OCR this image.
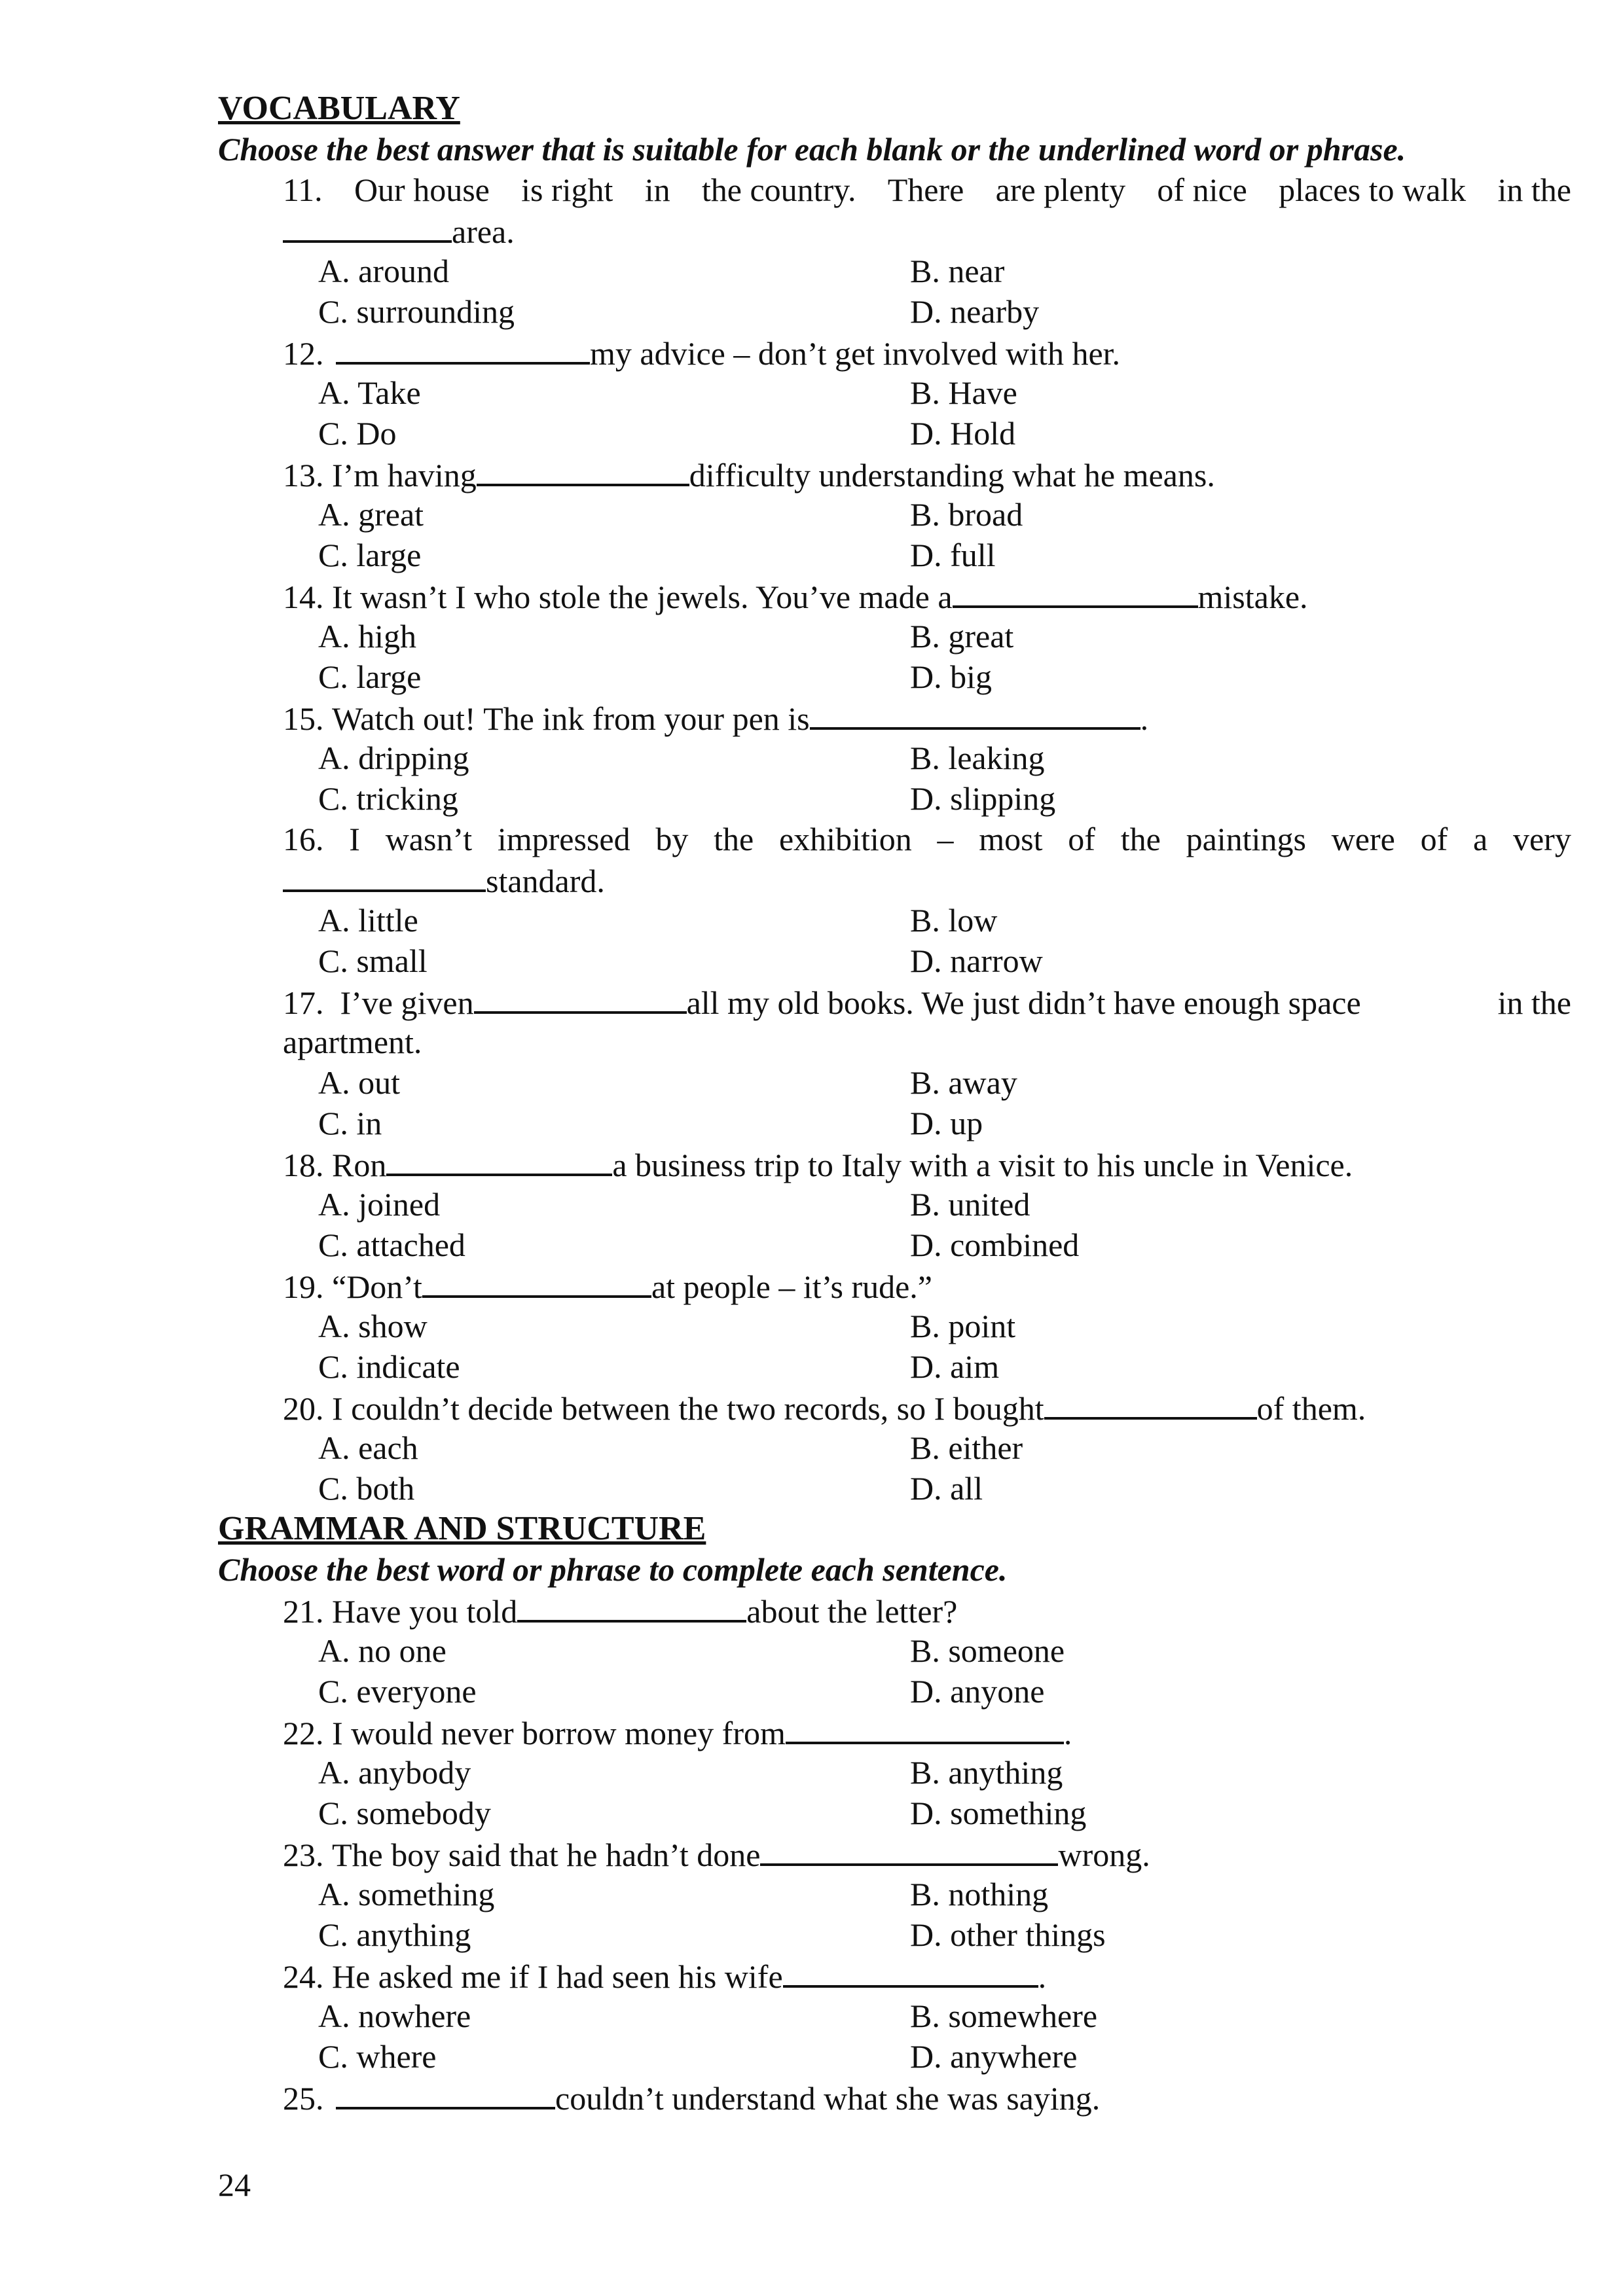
VOCABULARY
Choose the best answer that is suitable for each blank or the underlined word or phrase.
11. Our house is right in the country. There are plenty of nice places to walk in the
area.
A. around	B. near
C. surrounding	D. nearby
12.
	my advice – don’t get involved with her.
A. Take	B. Have
C. Do	D. Hold
13.
I’m having	difficulty understanding what he means.
A. great	B. broad
C. large	D. full
14.
It wasn’t I who stole the jewels. You’ve made a	mistake.
A. high	B. great
C. large	D. big
15.
Watch out! The ink from your pen is	.
A. dripping	B. leaking
C. tricking	D. slipping
16. I wasn’t impressed by the exhibition – most of the paintings were of a very
standard.
A. little	B. low
C. small	D. narrow
17. I’ve given	all my old books. We just didn’t have enough space	in the
apartment.
A. out	B. away
C. in	D. up
18.
Ron	a business trip to Italy with a visit to his uncle in Venice.
A. joined	B. united
C. attached	D. combined
19.
“Don’t	at people – it’s rude.”
A. show	B. point
C. indicate	D. aim
20.
I couldn’t decide between the two records, so I bought	of them.
A. each	B. either
C. both	D. all
GRAMMAR AND STRUCTURE
Choose the best word or phrase to complete each sentence.
21.
Have you told	about the letter?
A. no one	B. someone
C. everyone	D. anyone
22.
I would never borrow money from	.
A. anybody	B. anything
C. somebody	D. something
23.
The boy said that he hadn’t done	wrong.
A. something	B. nothing
C. anything	D. other things
24.
He asked me if I had seen his wife	.
A. nowhere	B. somewhere
C. where	D. anywhere
25.
	couldn’t understand what she was saying.
24
